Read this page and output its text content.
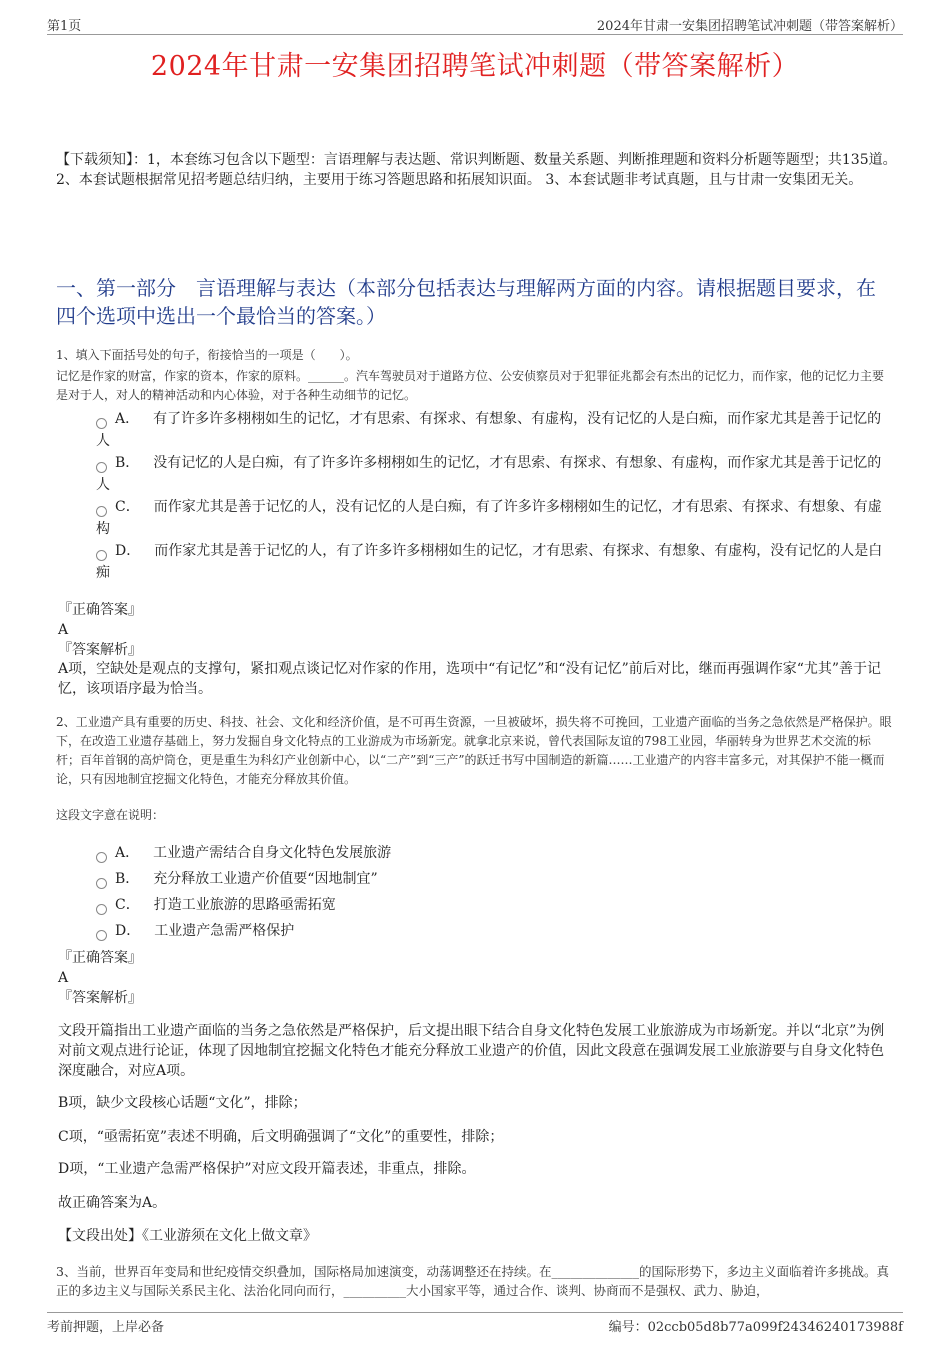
第1页	2024年甘肃一安集团招聘笔试冲刺题（带答案解析）
2024年甘肃一安集团招聘笔试冲刺题（带答案解析）
【下载须知】：1，本套练习包含以下题型：言语理解与表达题、常识判断题、数量关系题、判断推理题和资料分析题等题型；共135道。 2、本套试题根据常见招考题总结归纳，主要用于练习答题思路和拓展知识面。 3、本套试题非考试真题，且与甘肃一安集团无关。
一、第一部分　言语理解与表达（本部分包括表达与理解两方面的内容。请根据题目要求，在四个选项中选出一个最恰当的答案。）
1、填入下面括号处的句子，衔接恰当的一项是（　　）。
记忆是作家的财富，作家的资本，作家的原料。______。汽车驾驶员对于道路方位、公安侦察员对于犯罪征兆都会有杰出的记忆力，而作家，他的记忆力主要是对于人，对人的精神活动和内心体验，对于各种生动细节的记忆。
A． 有了许多许多栩栩如生的记忆，才有思索、有探求、有想象、有虚构，没有记忆的人是白痴，而作家尤其是善于记忆的人
B． 没有记忆的人是白痴，有了许多许多栩栩如生的记忆，才有思索、有探求、有想象、有虚构，而作家尤其是善于记忆的人
C． 而作家尤其是善于记忆的人，没有记忆的人是白痴，有了许多许多栩栩如生的记忆，才有思索、有探求、有想象、有虚构
D． 而作家尤其是善于记忆的人，有了许多许多栩栩如生的记忆，才有思索、有探求、有想象、有虚构，没有记忆的人是白痴
『正确答案』
A
『答案解析』
A项，空缺处是观点的支撑句，紧扣观点谈记忆对作家的作用，选项中“有记忆”和“没有记忆”前后对比，继而再强调作家“尤其”善于记忆，该项语序最为恰当。
2、工业遗产具有重要的历史、科技、社会、文化和经济价值，是不可再生资源，一旦被破坏，损失将不可挽回，工业遗产面临的当务之急依然是严格保护。眼下，在改造工业遗存基础上，努力发掘自身文化特点的工业游成为市场新宠。就拿北京来说，曾代表国际友谊的798工业园，华丽转身为世界艺术交流的标杆；百年首钢的高炉筒仓，更是重生为科幻产业创新中心，以“二产”到“三产”的跃迁书写中国制造的新篇……工业遗产的内容丰富多元，对其保护不能一概而论，只有因地制宜挖掘文化特色，才能充分释放其价值。
这段文字意在说明：
A． 工业遗产需结合自身文化特色发展旅游
B． 充分释放工业遗产价值要“因地制宜”
C． 打造工业旅游的思路亟需拓宽
D． 工业遗产急需严格保护
『正确答案』
A
『答案解析』
文段开篇指出工业遗产面临的当务之急依然是严格保护，后文提出眼下结合自身文化特色发展工业旅游成为市场新宠。并以“北京”为例对前文观点进行论证，体现了因地制宜挖掘文化特色才能充分释放工业遗产的价值，因此文段意在强调发展工业旅游要与自身文化特色深度融合，对应A项。
B项，缺少文段核心话题“文化”，排除；
C项，“亟需拓宽”表述不明确，后文明确强调了“文化”的重要性，排除；
D项，“工业遗产急需严格保护”对应文段开篇表述，非重点，排除。
故正确答案为A。
【文段出处】《工业游须在文化上做文章》
3、当前，世界百年变局和世纪疫情交织叠加，国际格局加速演变，动荡调整还在持续。在______________的国际形势下，多边主义面临着许多挑战。真正的多边主义与国际关系民主化、法治化同向而行，__________大小国家平等，通过合作、谈判、协商而不是强权、武力、胁迫，
考前押题，上岸必备	编号：02ccb05d8b77a099f24346240173988f
